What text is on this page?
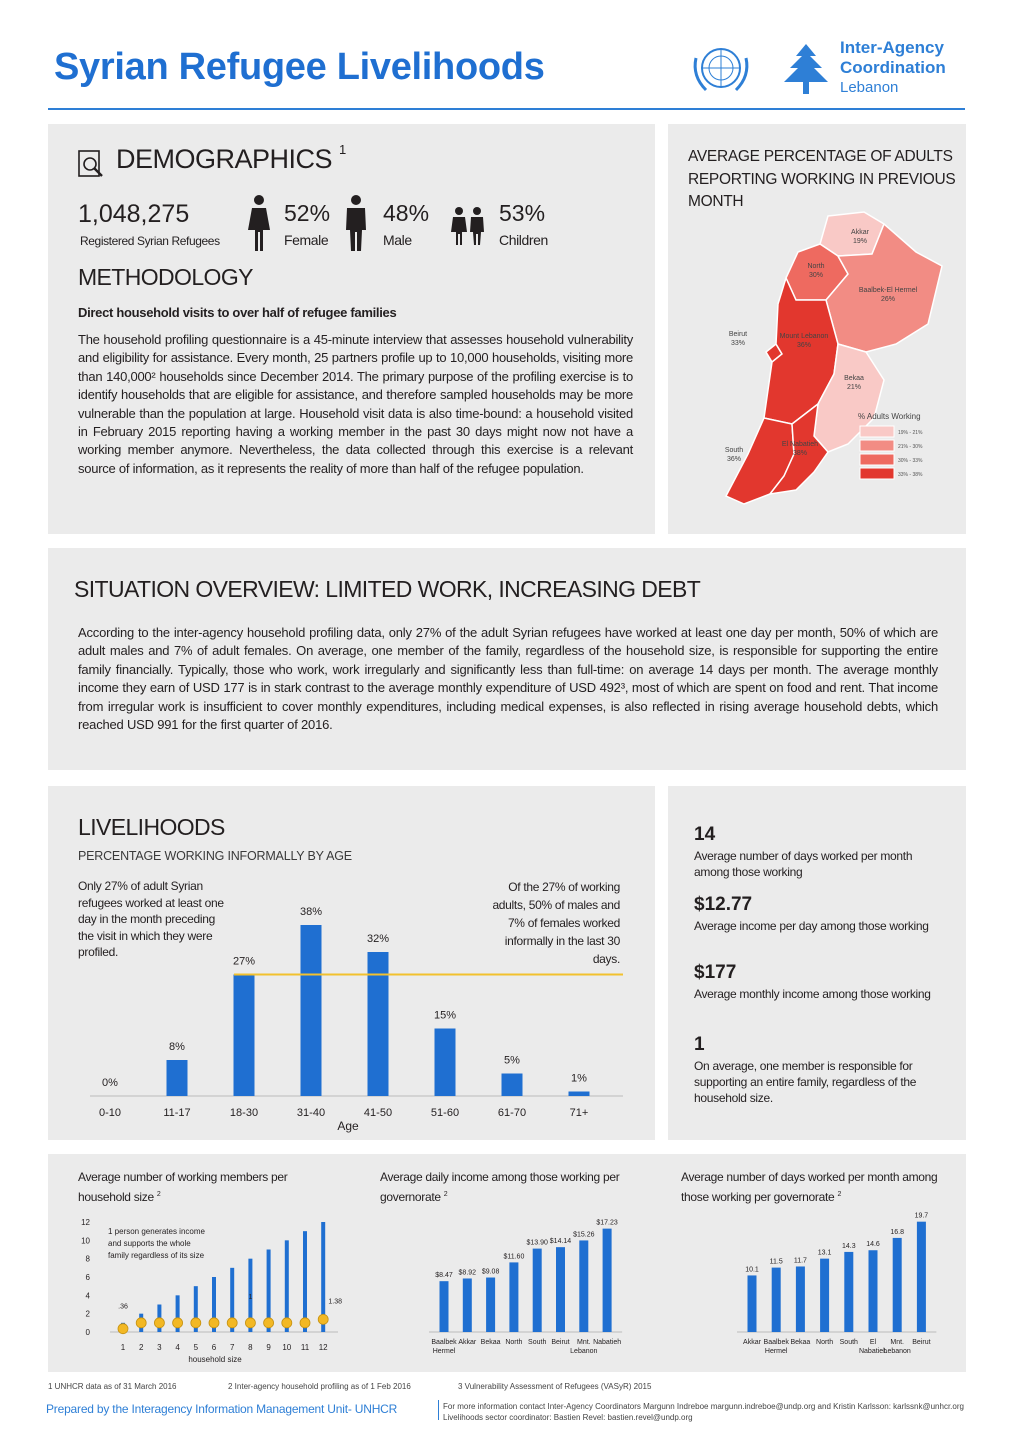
Syrian Refugee Livelihoods	Inter-Agency
Coordination
Lebanon
DEMOGRAPHICS $^1$
1,048,275
Registered Syrian Refugees
52%
Female
48%
Male
53%
Children
METHODOLOGY
Direct household visits to over half of refugee families
The household profiling questionnaire is a 45-minute interview that assesses household vulnerability and eligibility for assistance. Every month, 25 partners profile up to 10,000 households, visiting more than 140,000² households since December 2014. The primary purpose of the profiling exercise is to identify households that are eligible for assistance, and therefore sampled households may be more vulnerable than the population at large. Household visit data is also time-bound: a household visited in February 2015 reporting having a working member in the past 30 days might now not have a working member anymore. Nevertheless, the data collected through this exercise is a relevant source of information, as it represents the reality of more than half of the refugee population.
AVERAGE PERCENTAGE OF ADULTS REPORTING WORKING IN PREVIOUS MONTH
Akkar
19%
North
30%
Baalbek-El Hermel
26%
Beirut
33%
Mount Lebanon
36%
Bekaa
21%
South
36%
El Nabatieh
38%
% Adults Working
19% - 21%
21% - 30%
30% - 33%
33% - 38%
SITUATION OVERVIEW: LIMITED WORK, INCREASING DEBT
According to the inter-agency household profiling data, only 27% of the adult Syrian refugees have worked at least one day per month, 50% of which are adult males and 7% of adult females. On average, one member of the family, regardless of the household size, is responsible for supporting the entire family financially. Typically, those who work, work irregularly and significantly less than full-time: on average 14 days per month. The average monthly income they earn of USD 177 is in stark contrast to the average monthly expenditure of USD 492³, most of which are spent on food and rent. That income from irregular work is insufficient to cover monthly expenditures, including medical expenses, is also reflected in rising average household debts, which reached USD 991 for the first quarter of 2016.
LIVELIHOODS
PERCENTAGE WORKING INFORMALLY BY AGE
0%
0-10
8%
11-17
27%
18-30
38%
31-40
32%
41-50
15%
51-60
5%
61-70
1%
71+
Age
Only 27% of adult Syrian refugees worked at least one day in the month preceding the visit in which they were profiled.
Of the 27% of working adults, 50% of males and 7% of females worked informally in the last 30 days.
14
Average number of days worked per month among those working
$12.77
Average income per day among those working
$177
Average monthly income among those working
1
On average, one member is responsible for supporting an entire family, regardless of the household size.
Average number of working members per household size $^2$
0
2
4
6
8
10
12
1 2 3 4 5 6 7 8 9 10 11 12
.36
1
1.38
1 person generates income and supports the whole family regardless of its size
household size
Average daily income among those working per governorate $^2$
$8.47
Baalbek Hermel
$8.92
Akkar
$9.08
Bekaa
$11.60
North
$13.90
South
$14.14
Beirut
$15.26
Mnt. Lebanon
$17.23
Nabatieh
Average number of days worked per month among those working per governorate $^2$
10.1
Akkar
11.5
Baalbek Hermel
11.7
Bekaa
13.1
North
14.3
South
14.6
El Nabatieh
16.8
Mnt. Lebanon
19.7
Beirut
1 UNHCR data as of 31 March 2016	2 Inter-agency household profiling as of 1 Feb 2016	3 Vulnerability Assessment of Refugees (VASyR) 2015
Prepared by the Interagency Information Management Unit- UNHCR	For more information contact Inter-Agency Coordinators Margunn Indreboe margunn.indreboe@undp.org and Kristin Karlsson: karlssnk@unhcr.org
Livelihoods sector coordinator: Bastien Revel: bastien.revel@undp.org
